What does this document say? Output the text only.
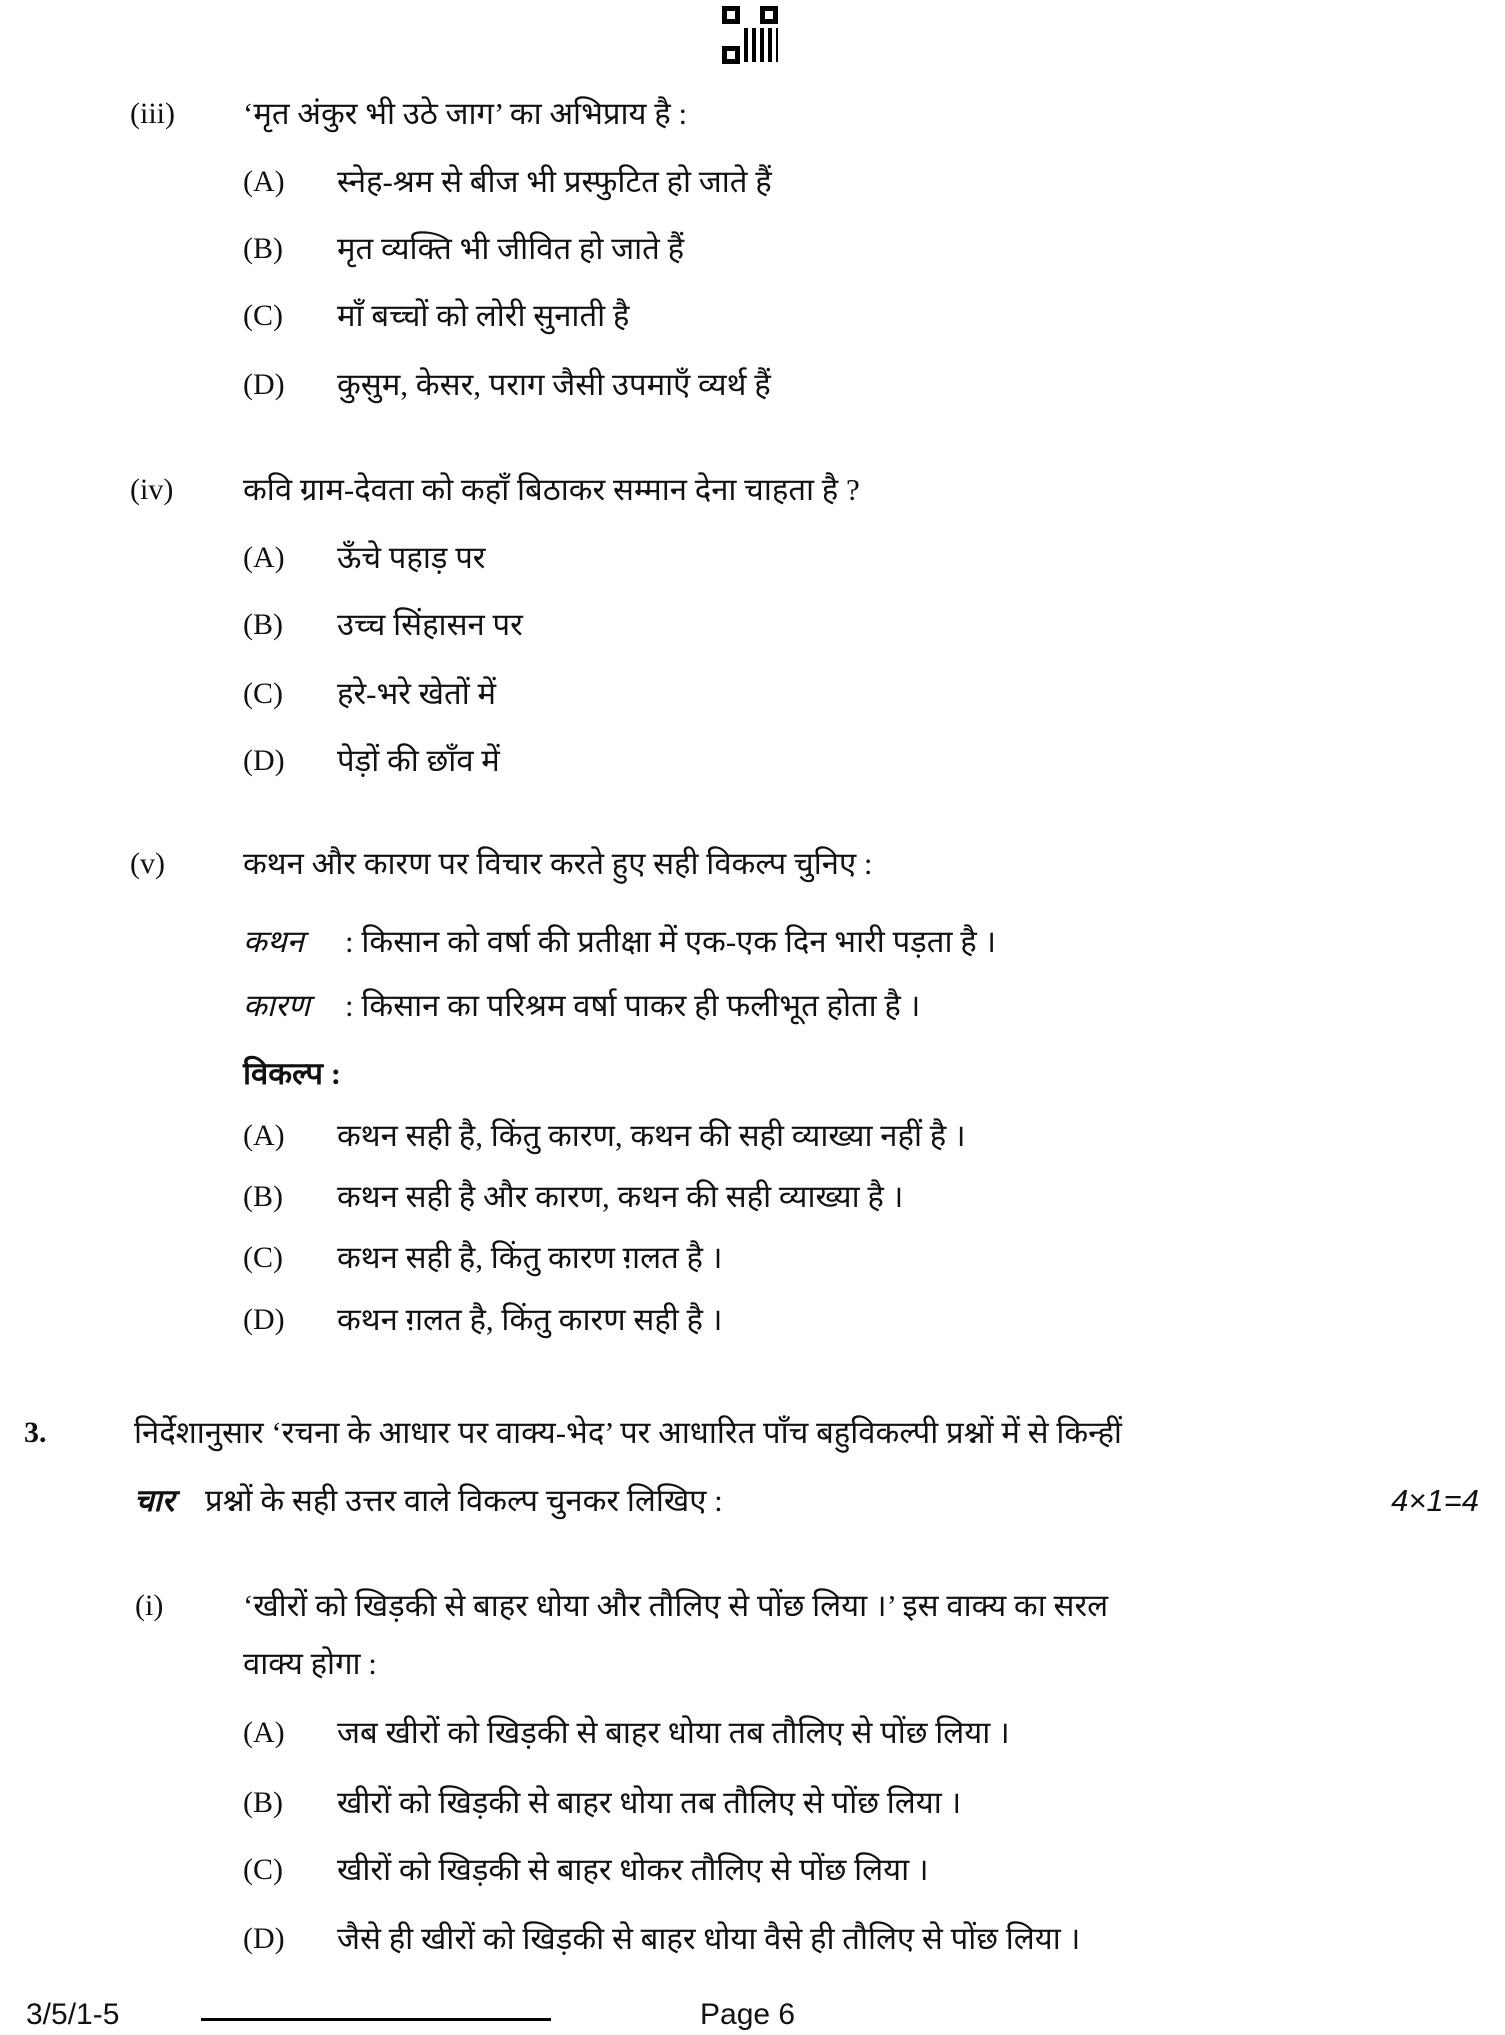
(iii) ‘मृत अंकुर भी उठे जाग’ का अभिप्राय है :
(A) स्नेह-श्रम से बीज भी प्रस्फुटित हो जाते हैं
(B) मृत व्यक्ति भी जीवित हो जाते हैं
(C) माँ बच्चों को लोरी सुनाती है
(D) कुसुम, केसर, पराग जैसी उपमाएँ व्यर्थ हैं
(iv) कवि ग्राम-देवता को कहाँ बिठाकर सम्मान देना चाहता है ?
(A) ऊँचे पहाड़ पर
(B) उच्च सिंहासन पर
(C) हरे-भरे खेतों में
(D) पेड़ों की छाँव में
(v)	कथन और कारण पर विचार करते हुए सही विकल्प चुनिए :
कथन : किसान को वर्षा की प्रतीक्षा में एक-एक दिन भारी पड़ता है ।
कारण : किसान का परिश्रम वर्षा पाकर ही फलीभूत होता है ।
विकल्प :
(A) कथन सही है, किंतु कारण, कथन की सही व्याख्या नहीं है ।
(B) कथन सही है और कारण, कथन की सही व्याख्या है ।
(C) कथन सही है, किंतु कारण ग़लत है ।
(D) कथन ग़लत है, किंतु कारण सही है ।
3.	निर्देशानुसार ‘रचना के आधार पर वाक्य-भेद’ पर आधारित पाँच बहुविकल्पी प्रश्नों में से किन्हीं
चार प्रश्नों के सही उत्तर वाले विकल्प चुनकर लिखिए :	4×1=4
(i)	‘खीरों को खिड़की से बाहर धोया और तौलिए से पोंछ लिया ।’ इस वाक्य का सरल
वाक्य होगा :
(A) जब खीरों को खिड़की से बाहर धोया तब तौलिए से पोंछ लिया ।
(B) खीरों को खिड़की से बाहर धोया तब तौलिए से पोंछ लिया ।
(C) खीरों को खिड़की से बाहर धोकर तौलिए से पोंछ लिया ।
(D) जैसे ही खीरों को खिड़की से बाहर धोया वैसे ही तौलिए से पोंछ लिया ।
3/5/1-5	Page 6
